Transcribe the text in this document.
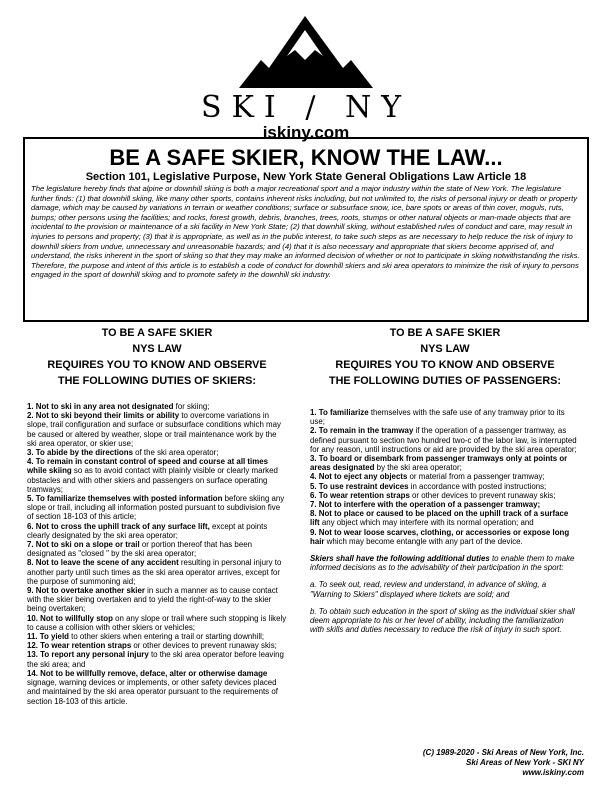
SKI / NY
iskiny.com
BE A SAFE SKIER, KNOW THE LAW...
Section 101, Legislative Purpose, New York State General Obligations Law Article 18
The legislature hereby finds that alpine or downhill skiing is both a major recreational sport and a major industry within the state of New York. The legislature further finds: (1) that downhill skiing, like many other sports, contains inherent risks including, but not unlimited to, the risks of personal injury or death or property damage, which may be caused by variations in terrain or weather conditions; surface or subsurface snow, ice, bare spots or areas of thin cover, moguls, ruts, bumps; other persons using the facilities; and rocks, forest growth, debris, branches, trees, roots, stumps or other natural objects or man-made objects that are incidental to the provision or maintenance of a ski facility in New York State; (2) that downhill skiing, without established rules of conduct and care, may result in injuries to persons and property; (3) that it is appropriate, as well as in the public interest, to take such steps as are necessary to help reduce the risk of injury to downhill skiers from undue, unnecessary and unreasonable hazards; and (4) that it is also necessary and appropriate that skiers become apprised of, and understand, the risks inherent in the sport of skiing so that they may make an informed decision of whether or not to participate in skiing notwithstanding the risks. Therefore, the purpose and intent of this article is to establish a code of conduct for downhill skiers and ski area operators to minimize the risk of injury to persons engaged in the sport of downhill skiing and to promote safety in the downhill ski industry.
TO BE A SAFE SKIER
NYS LAW
REQUIRES YOU TO KNOW AND OBSERVE
THE FOLLOWING DUTIES OF SKIERS:
1. Not to ski in any area not designated for skiing;
2. Not to ski beyond their limits or ability to overcome variations in slope, trail configuration and surface or subsurface conditions which may be caused or altered by weather, slope or trail maintenance work by the ski area operator, or skier use;
3. To abide by the directions of the ski area operator;
4. To remain in constant control of speed and course at all times while skiing so as to avoid contact with plainly visible or clearly marked obstacles and with other skiers and passengers on surface operating tramways;
5. To familiarize themselves with posted information before skiing any slope or trail, including all information posted pursuant to subdivision five of section 18-103 of this article;
6. Not to cross the uphill track of any surface lift, except at points clearly designated by the ski area operator;
7. Not to ski on a slope or trail or portion thereof that has been designated as "closed " by the ski area operator;
8. Not to leave the scene of any accident resulting in personal injury to another party until such times as the ski area operator arrives, except for the purpose of summoning aid;
9. Not to overtake another skier in such a manner as to cause contact with the skier being overtaken and to yield the right-of-way to the skier being overtaken;
10. Not to willfully stop on any slope or trail where such stopping is likely to cause a collision with other skiers or vehicles;
11. To yield to other skiers when entering a trail or starting downhill;
12. To wear retention straps or other devices to prevent runaway skis;
13. To report any personal injury to the ski area operator before leaving the ski area; and
14. Not to be willfully remove, deface, alter or otherwise damage signage, warning devices or implements, or other safety devices placed and maintained by the ski area operator pursuant to the requirements of section 18-103 of this article.
TO BE A SAFE SKIER
NYS LAW
REQUIRES YOU TO KNOW AND OBSERVE
THE FOLLOWING DUTIES OF PASSENGERS:
1. To familiarize themselves with the safe use of any tramway prior to its use;
2. To remain in the tramway if the operation of a passenger tramway, as defined pursuant to section two hundred two-c of the labor law, is interrupted for any reason, until instructions or aid are provided by the ski area operator;
3. To board or disembark from passenger tramways only at points or areas designated by the ski area operator;
4. Not to eject any objects or material from a passenger tramway;
5. To use restraint devices in accordance with posted instructions;
6. To wear retention straps or other devices to prevent runaway skis;
7. Not to interfere with the operation of a passenger tramway;
8. Not to place or caused to be placed on the uphill track of a surface lift any object which may interfere with its normal operation; and
9. Not to wear loose scarves, clothing, or accessories or expose long hair which may become entangle with any part of the device.
Skiers shall have the following additional duties to enable them to make informed decisions as to the advisability of their participation in the sport:
a. To seek out, read, review and understand, in advance of skiing, a "Warning to Skiers" displayed where tickets are sold; and
b. To obtain such education in the sport of skiing as the individual skier shall deem appropriate to his or her level of ability, including the familiarization with skills and duties necessary to reduce the risk of injury in such sport.
(C) 1989-2020 - Ski Areas of New York, Inc.
Ski Areas of New York - SKI NY
www.iskiny.com
